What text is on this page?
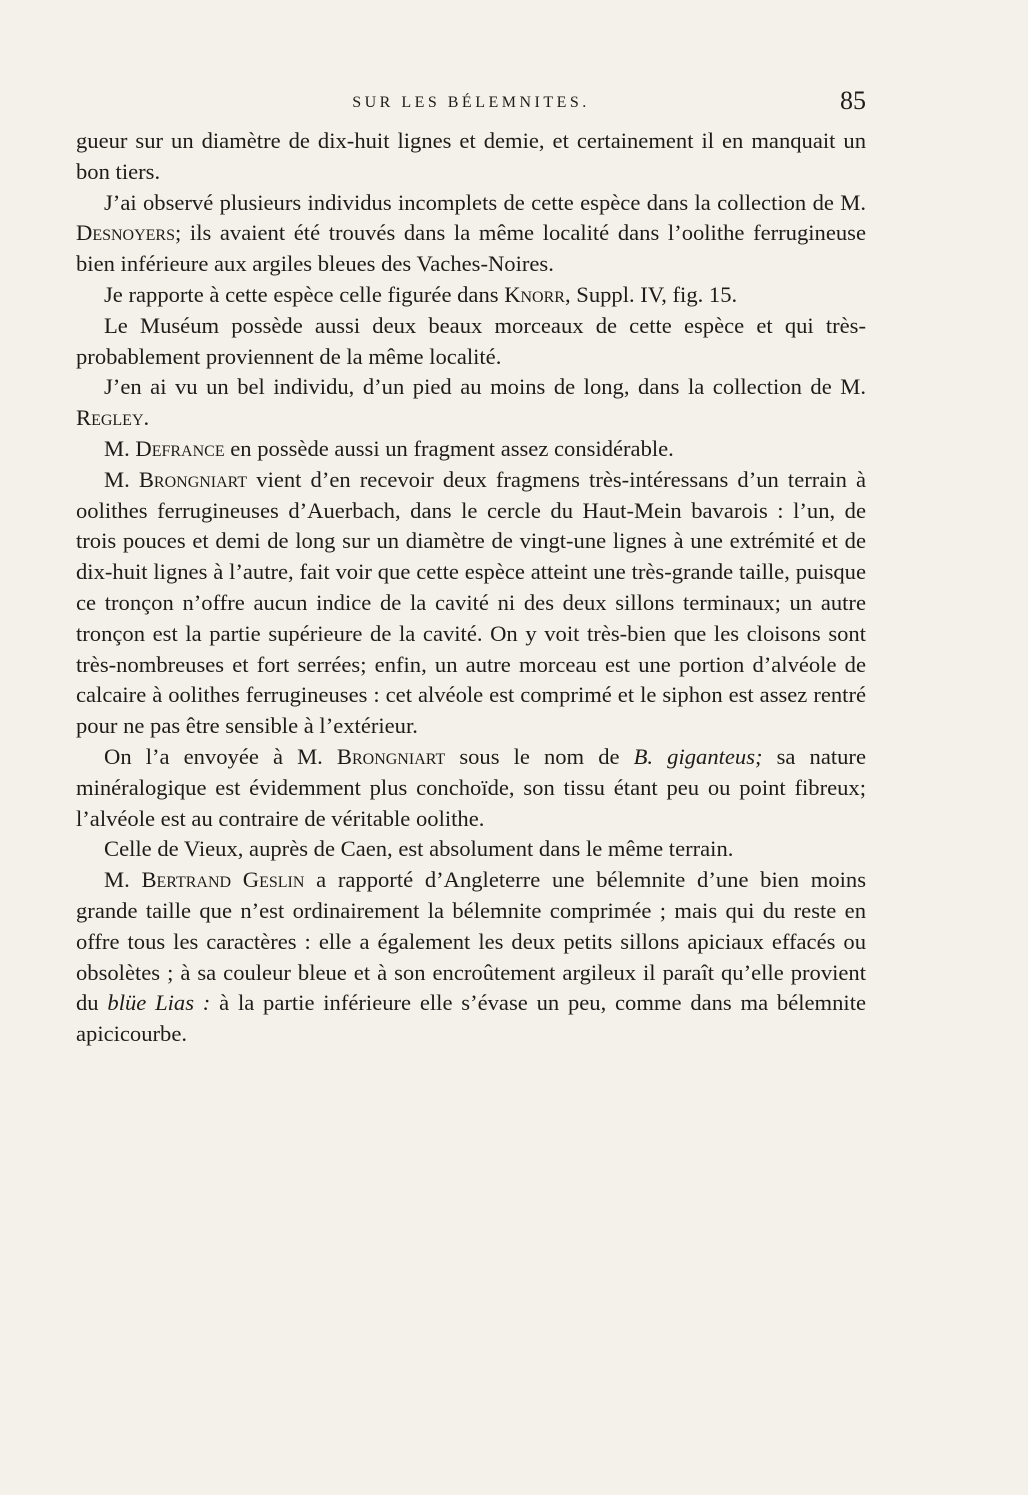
SUR LES BÉLEMNITES.	85

gueur sur un diamètre de dix-huit lignes et demie, et certainement il en manquait un bon tiers.

J’ai observé plusieurs individus incomplets de cette espèce dans la collection de M. Desnoyers; ils avaient été trouvés dans la même localité dans l’oolithe ferrugineuse bien inférieure aux argiles bleues des Vaches-Noires.

Je rapporte à cette espèce celle figurée dans Knorr, Suppl. IV, fig. 15.

Le Muséum possède aussi deux beaux morceaux de cette espèce et qui très-probablement proviennent de la même localité.

J’en ai vu un bel individu, d’un pied au moins de long, dans la collection de M. Regley.

M. Defrance en possède aussi un fragment assez considérable.

M. Brongniart vient d’en recevoir deux fragmens très-intéressans d’un terrain à oolithes ferrugineuses d’Auerbach, dans le cercle du Haut-Mein bavarois : l’un, de trois pouces et demi de long sur un diamètre de vingt-une lignes à une extrémité et de dix-huit lignes à l’autre, fait voir que cette espèce atteint une très-grande taille, puisque ce tronçon n’offre aucun indice de la cavité ni des deux sillons terminaux; un autre tronçon est la partie supérieure de la cavité. On y voit très-bien que les cloisons sont très-nombreuses et fort serrées; enfin, un autre morceau est une portion d’alvéole de calcaire à oolithes ferrugineuses : cet alvéole est comprimé et le siphon est assez rentré pour ne pas être sensible à l’extérieur.

On l’a envoyée à M. Brongniart sous le nom de B. giganteus; sa nature minéralogique est évidemment plus conchoïde, son tissu étant peu ou point fibreux; l’alvéole est au contraire de véritable oolithe.

Celle de Vieux, auprès de Caen, est absolument dans le même terrain.

M. Bertrand Geslin a rapporté d’Angleterre une bélemnite d’une bien moins grande taille que n’est ordinairement la bélemnite comprimée ; mais qui du reste en offre tous les caractères : elle a également les deux petits sillons apiciaux effacés ou obsolètes ; à sa couleur bleue et à son encroûtement argileux il paraît qu’elle provient du blüe Lias : à la partie inférieure elle s’évase un peu, comme dans ma bélemnite apicicourbe.
